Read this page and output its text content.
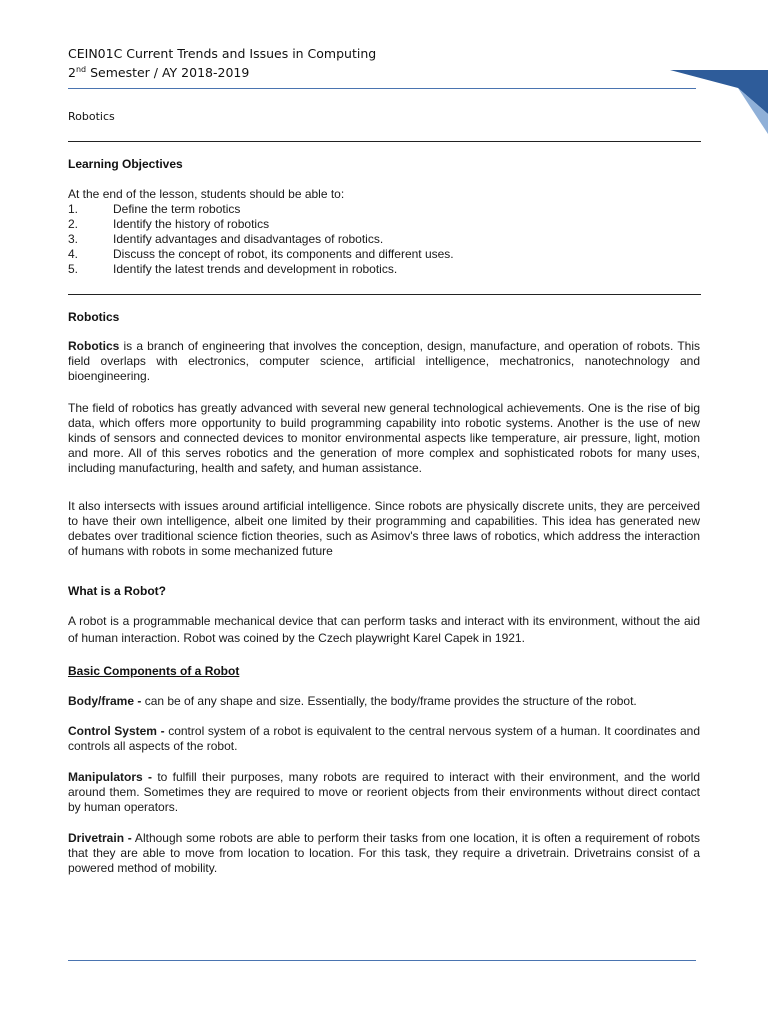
CEIN01C Current Trends and Issues in Computing
2nd Semester / AY 2018-2019
Robotics
Learning Objectives
At the end of the lesson, students should be able to:
1.	Define the term robotics
2.	Identify the history of robotics
3.	Identify advantages and disadvantages of robotics.
4.	Discuss the concept of robot, its components and different uses.
5.	Identify the latest trends and development in robotics.
Robotics
Robotics is a branch of engineering that involves the conception, design, manufacture, and operation of robots. This field overlaps with electronics, computer science, artificial intelligence, mechatronics, nanotechnology and bioengineering.
The field of robotics has greatly advanced with several new general technological achievements. One is the rise of big data, which offers more opportunity to build programming capability into robotic systems. Another is the use of new kinds of sensors and connected devices to monitor environmental aspects like temperature, air pressure, light, motion and more. All of this serves robotics and the generation of more complex and sophisticated robots for many uses, including manufacturing, health and safety, and human assistance.
It also intersects with issues around artificial intelligence. Since robots are physically discrete units, they are perceived to have their own intelligence, albeit one limited by their programming and capabilities. This idea has generated new debates over traditional science fiction theories, such as Asimov's three laws of robotics, which address the interaction of humans with robots in some mechanized future
What is a Robot?
A robot is a programmable mechanical device that can perform tasks and interact with its environment, without the aid of human interaction. Robot was coined by the Czech playwright Karel Capek in 1921.
Basic Components of a Robot
Body/frame - can be of any shape and size. Essentially, the body/frame provides the structure of the robot.
Control System - control system of a robot is equivalent to the central nervous system of a human. It coordinates and controls all aspects of the robot.
Manipulators - to fulfill their purposes, many robots are required to interact with their environment, and the world around them. Sometimes they are required to move or reorient objects from their environments without direct contact by human operators.
Drivetrain - Although some robots are able to perform their tasks from one location, it is often a requirement of robots that they are able to move from location to location. For this task, they require a drivetrain. Drivetrains consist of a powered method of mobility.
